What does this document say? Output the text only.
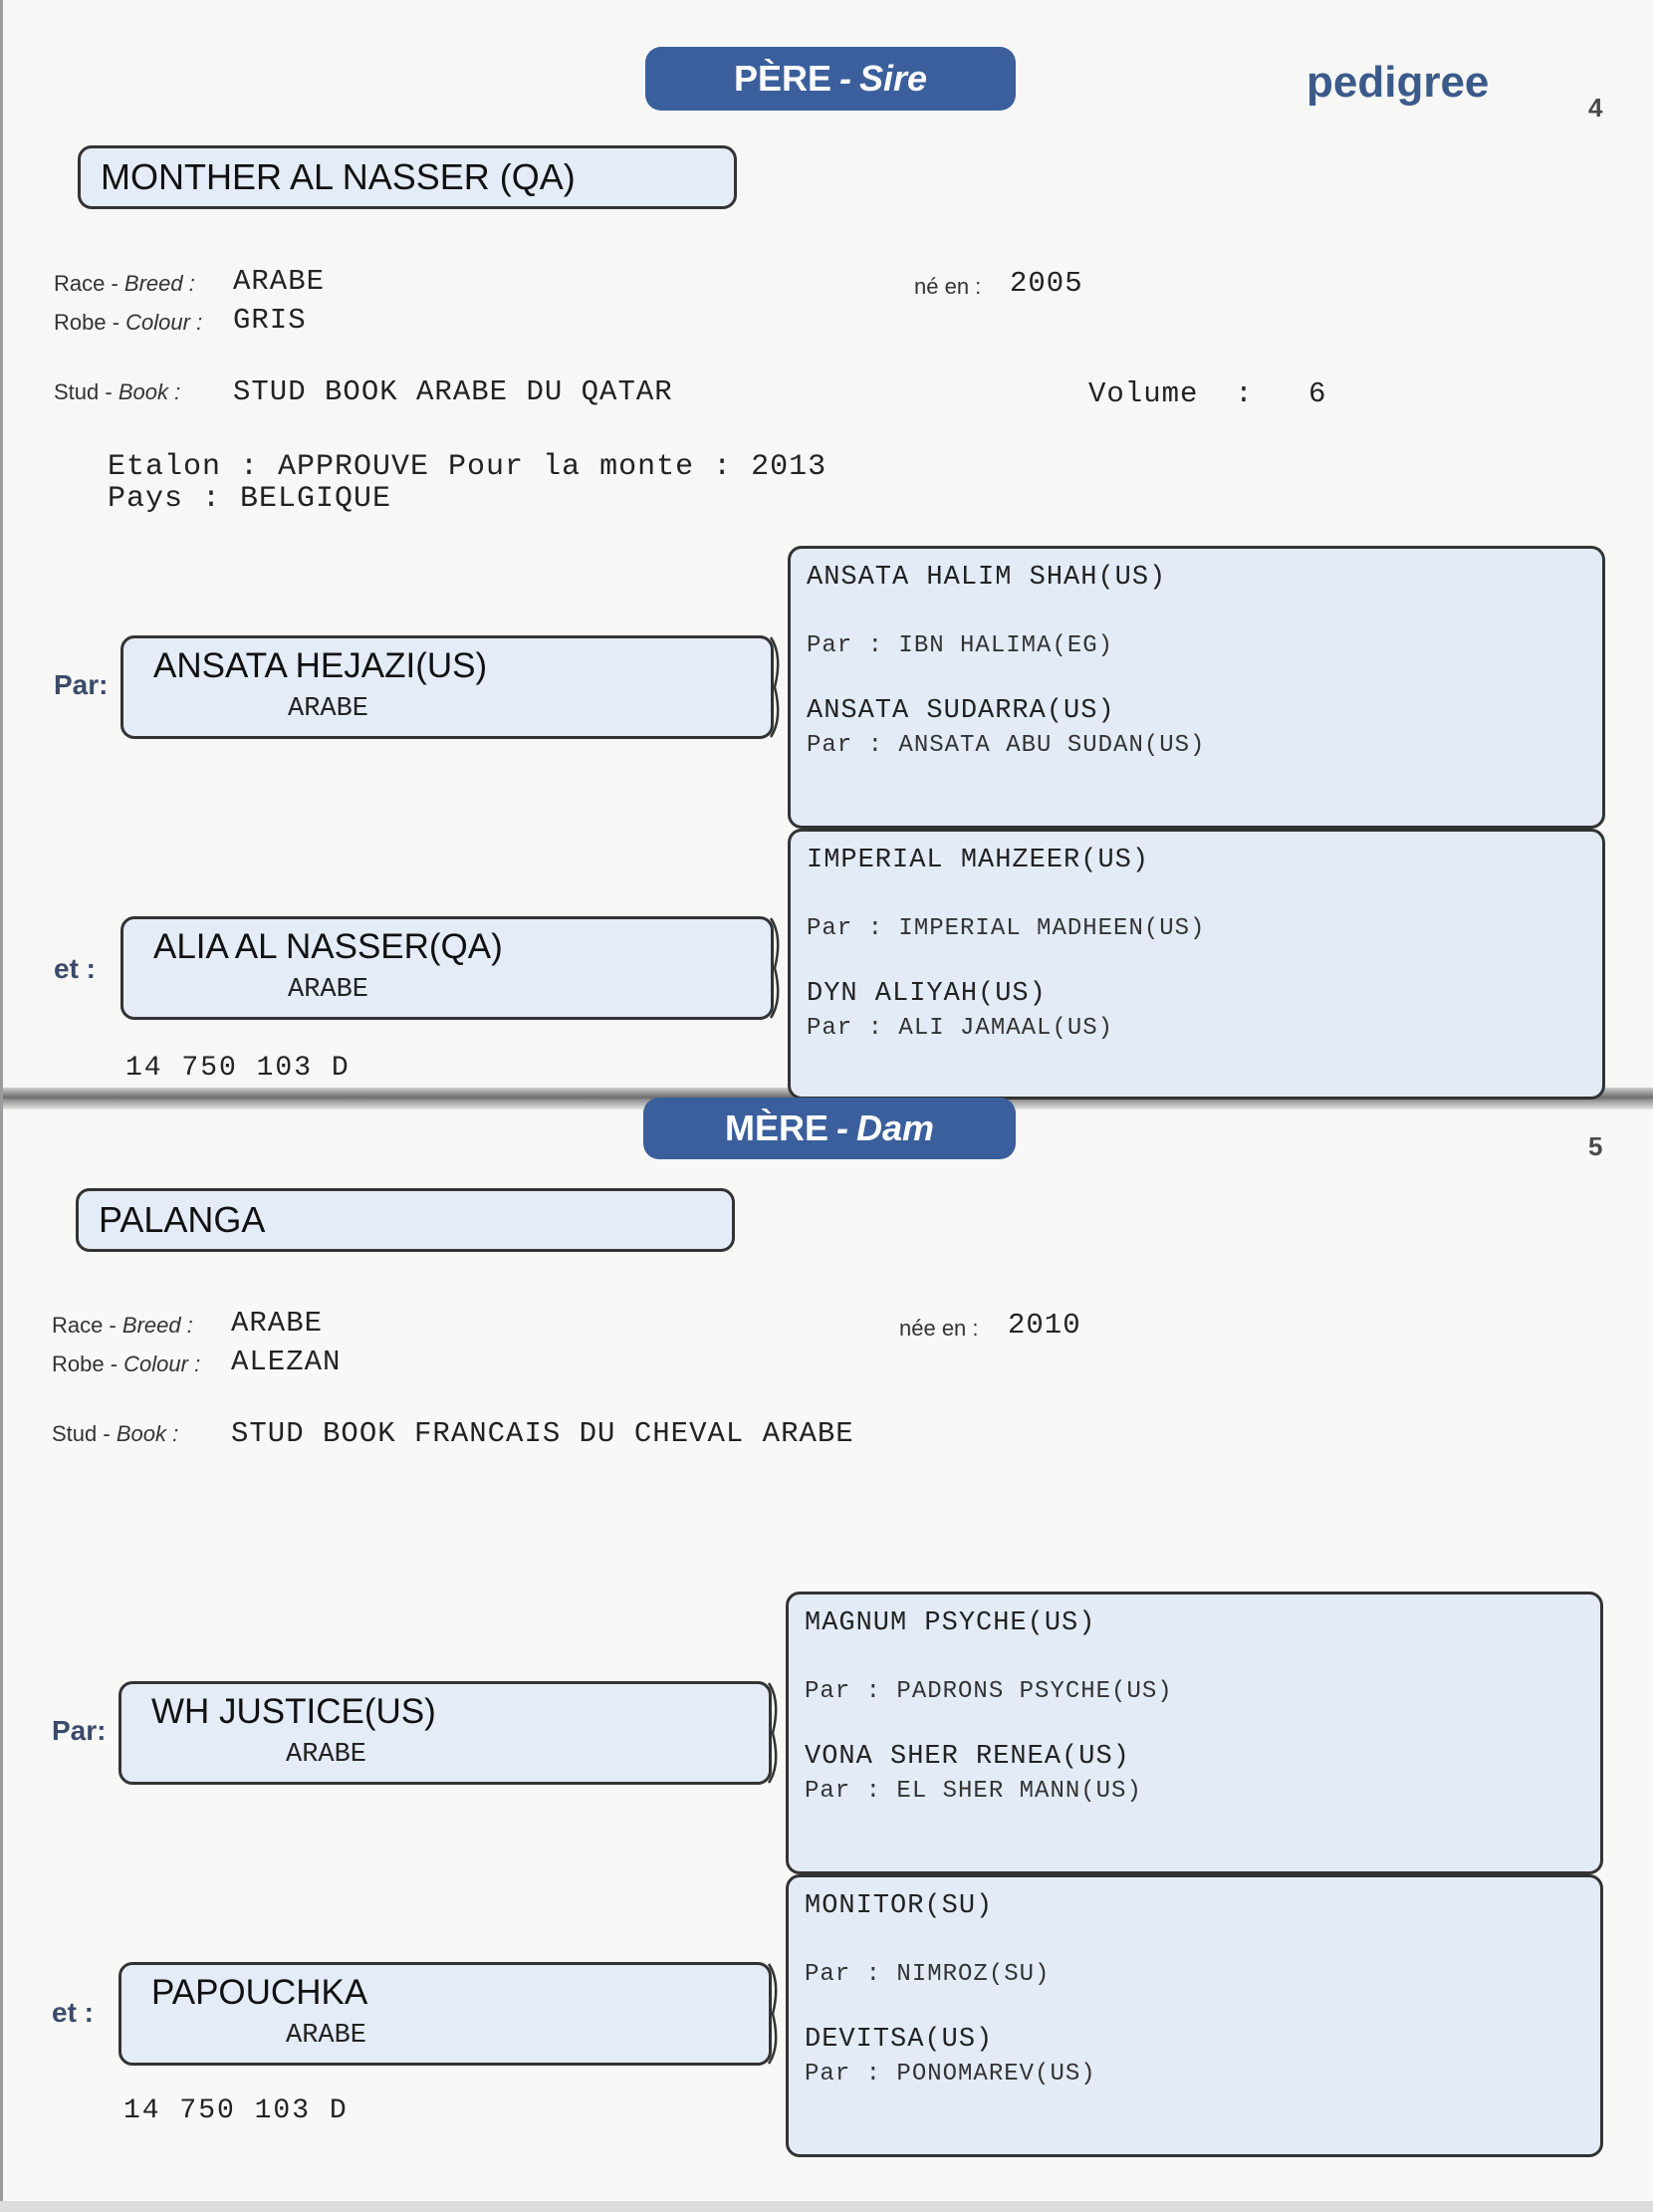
PÈRE - Sire	pedigree
4
MONTHER AL NASSER (QA)
Race - Breed : ARABE
Robe - Colour : GRIS
né en : 2005
Stud - Book : STUD BOOK ARABE DU QATAR	Volume  : 6
Etalon : APPROUVE Pour la monte : 2013
Pays : BELGIQUE
Par: ANSATA HEJAZI(US)
ARABE
et :
ALIA AL NASSER(QA)
ARABE
14 750 103 D
ANSATA HALIM SHAH(US)
Par : IBN HALIMA(EG)
ANSATA SUDARRA(US)
Par : ANSATA ABU SUDAN(US)
IMPERIAL MAHZEER(US)
Par : IMPERIAL MADHEEN(US)
DYN ALIYAH(US)
Par : ALI JAMAAL(US)
MÈRE - Dam	5
PALANGA
Race - Breed : ARABE
Robe - Colour : ALEZAN
née en : 2010
Stud - Book : STUD BOOK FRANCAIS DU CHEVAL ARABE
Par: WH JUSTICE(US)
ARABE
et :
PAPOUCHKA
ARABE
14 750 103 D
MAGNUM PSYCHE(US)
Par : PADRONS PSYCHE(US)
VONA SHER RENEA(US)
Par : EL SHER MANN(US)
MONITOR(SU)
Par : NIMROZ(SU)
DEVITSA(US)
Par : PONOMAREV(US)
